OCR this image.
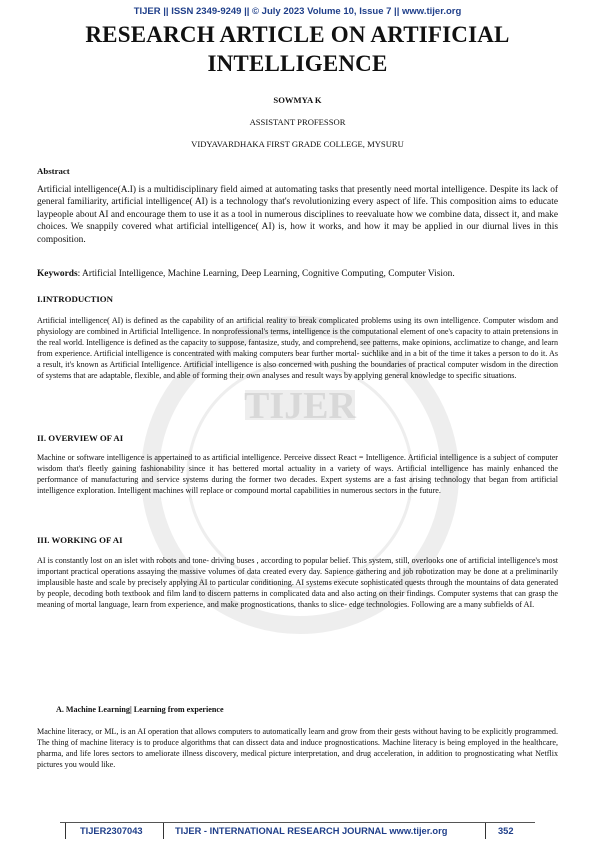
TIJER || ISSN 2349-9249 || © July 2023 Volume 10, Issue 7 || www.tijer.org
RESEARCH ARTICLE ON ARTIFICIAL
INTELLIGENCE
SOWMYA K
ASSISTANT PROFESSOR
VIDYAVARDHAKA FIRST GRADE COLLEGE, MYSURU
TIJER
Abstract
Artificial intelligence(A.I) is a multidisciplinary field aimed at automating tasks that presently need mortal intelligence. Despite its lack of general familiarity, artificial intelligence( AI) is a technology that's revolutionizing every aspect of life. This composition aims to educate laypeople about AI and encourage them to use it as a tool in numerous disciplines to reevaluate how we combine data, dissect it, and make choices. We snappily covered what artificial intelligence( AI) is, how it works, and how it may be applied in our diurnal lives in this composition.
Keywords: Artificial Intelligence, Machine Learning, Deep Learning, Cognitive Computing, Computer Vision.
I.INTRODUCTION
Artificial intelligence( AI) is defined as the capability of an artificial reality to break complicated problems using its own intelligence. Computer wisdom and physiology are combined in Artificial Intelligence. In nonprofessional's terms, intelligence is the computational element of one's capacity to attain pretensions in the real world. Intelligence is defined as the capacity to suppose, fantasize, study, and comprehend, see patterns, make opinions, acclimatize to change, and learn from experience. Artificial intelligence is concentrated with making computers bear further mortal- suchlike and in a bit of the time it takes a person to do it. As a result, it's known as Artificial Intelligence. Artificial intelligence is also concerned with pushing the boundaries of practical computer wisdom in the direction of systems that are adaptable, flexible, and able of forming their own analyses and result ways by applying general knowledge to specific situations.
II. OVERVIEW OF AI
Machine or software intelligence is appertained to as artificial intelligence. Perceive dissect React = Intelligence. Artificial intelligence is a subject of computer wisdom that's fleetly gaining fashionability since it has bettered mortal actuality in a variety of ways. Artificial intelligence has mainly enhanced the performance of manufacturing and service systems during the former two decades. Expert systems are a fast arising technology that began from artificial intelligence exploration. Intelligent machines will replace or compound mortal capabilities in numerous sectors in the future.
III. WORKING OF AI
AI is constantly lost on an islet with robots and tone- driving buses , according to popular belief. This system, still, overlooks one of artificial intelligence's most important practical operations assaying the massive volumes of data created every day. Sapience gathering and job robotization may be done at a preliminarily implausible haste and scale by precisely applying AI to particular conditioning. AI systems execute sophisticated quests through the mountains of data generated by people, decoding both textbook and film land to discern patterns in complicated data and also acting on their findings. Computer systems that can grasp the meaning of mortal language, learn from experience, and make prognostications, thanks to slice- edge technologies. Following are a many subfields of AI.
A. Machine Learning| Learning from experience
Machine literacy, or ML, is an AI operation that allows computers to automatically learn and grow from their gests without having to be explicitly programmed. The thing of machine literacy is to produce algorithms that can dissect data and induce prognostications. Machine literacy is being employed in the healthcare, pharma, and life lores sectors to ameliorate illness discovery, medical picture interpretation, and drug acceleration, in addition to prognosticating what Netflix pictures you would like.
TIJER2307043	TIJER - INTERNATIONAL RESEARCH JOURNAL www.tijer.org	352
